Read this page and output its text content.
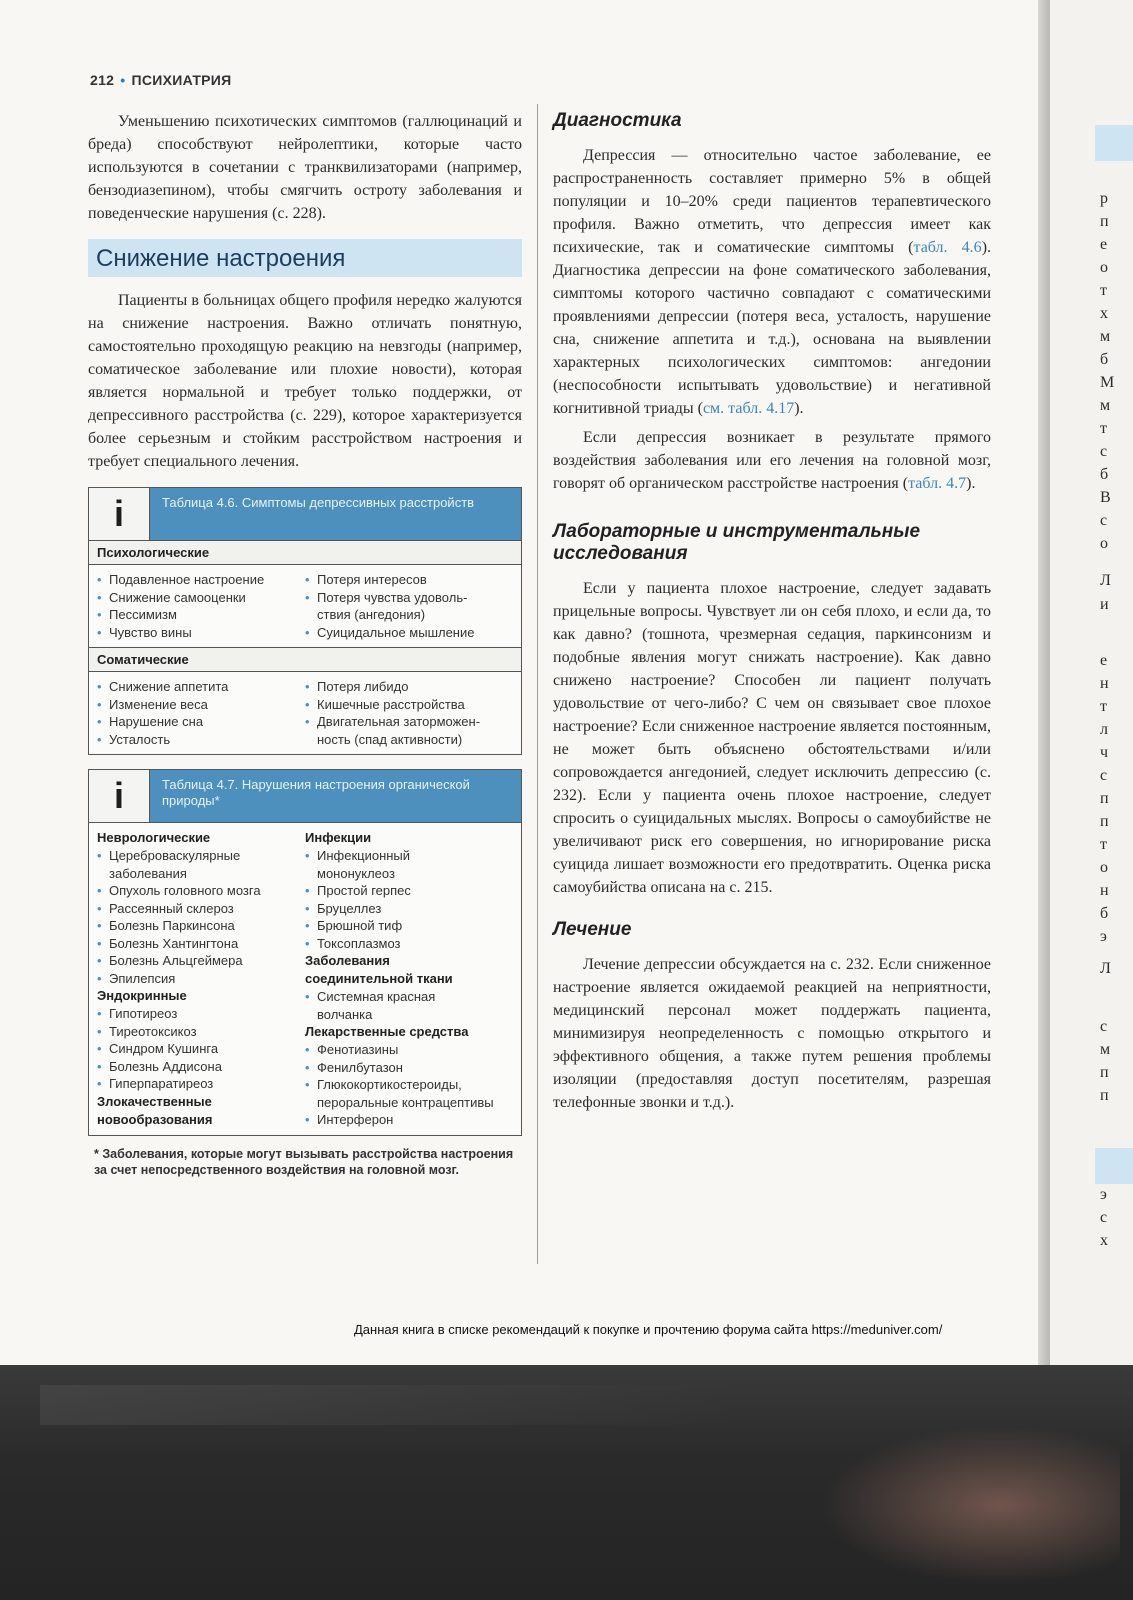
212 • ПСИХИАТРИЯ

Уменьшению психотических симптомов (галлюцинаций и бреда) способствуют нейролептики, которые часто используются в сочетании с транквилизаторами (например, бензодиазепином), чтобы смягчить остроту заболевания и поведенческие нарушения (с. 228).

Снижение настроения

Пациенты в больницах общего профиля нередко жалуются на снижение настроения. Важно отличать понятную, самостоятельно проходящую реакцию на невзгоды (например, соматическое заболевание или плохие новости), которая является нормальной и требует только поддержки, от депрессивного расстройства (с. 229), которое характеризуется более серьезным и стойким расстройством настроения и требует специального лечения.

i	Таблица 4.6. Симптомы депрессивных расстройств
Психологические
• Подавленное настроение
• Снижение самооценки
• Пессимизм
• Чувство вины
• Потеря интересов
• Потеря чувства удоволь-
ствия (ангедония)
• Суицидальное мышление
Соматические
• Снижение аппетита
• Изменение веса
• Нарушение сна
• Усталость
• Потеря либидо
• Кишечные расстройства
• Двигательная заторможен-
ность (спад активности)
i	Таблица 4.7. Нарушения настроения органической природы*
Неврологические
• Цереброваскулярные
заболевания
• Опухоль головного мозга
• Рассеянный склероз
• Болезнь Паркинсона
• Болезнь Хантингтона
• Болезнь Альцгеймера
• Эпилепсия
Эндокринные
• Гипотиреоз
• Тиреотоксикоз
• Синдром Кушинга
• Болезнь Аддисона
• Гиперпаратиреоз
Злокачественные
новообразования
Инфекции
• Инфекционный
мононуклеоз
• Простой герпес
• Бруцеллез
• Брюшной тиф
• Токсоплазмоз
Заболевания
соединительной ткани
• Системная красная
волчанка
Лекарственные средства
• Фенотиазины
• Фенилбутазон
• Глюкокортикостероиды,
пероральные контрацептивы
• Интерферон
* Заболевания, которые могут вызывать расстройства настроения за счет непосредственного воздействия на головной мозг.
Диагностика

Депрессия — относительно частое заболевание, ее распространенность составляет примерно 5% в общей популяции и 10–20% среди пациентов терапевтического профиля. Важно отметить, что депрессия имеет как психические, так и соматические симптомы (табл. 4.6). Диагностика депрессии на фоне соматического заболевания, симптомы которого частично совпадают с соматическими проявлениями депрессии (потеря веса, усталость, нарушение сна, снижение аппетита и т.д.), основана на выявлении характерных психологических симптомов: ангедонии (неспособности испытывать удовольствие) и негативной когнитивной триады (см. табл. 4.17).

Если депрессия возникает в результате прямого воздействия заболевания или его лечения на головной мозг, говорят об органическом расстройстве настроения (табл. 4.7).

Лабораторные и инструментальные исследования

Если у пациента плохое настроение, следует задавать прицельные вопросы. Чувствует ли он себя плохо, и если да, то как давно? (тошнота, чрезмерная седация, паркинсонизм и подобные явления могут снижать настроение). Как давно снижено настроение? Способен ли пациент получать удовольствие от чего-либо? С чем он связывает свое плохое настроение? Если сниженное настроение является постоянным, не может быть объяснено обстоятельствами и/или сопровождается ангедонией, следует исключить депрессию (с. 232). Если у пациента очень плохое настроение, следует спросить о суицидальных мыслях. Вопросы о самоубийстве не увеличивают риск его совершения, но игнорирование риска суицида лишает возможности его предотвратить. Оценка риска самоубийства описана на с. 215.

Лечение

Лечение депрессии обсуждается на с. 232. Если сниженное настроение является ожидаемой реакцией на неприятности, медицинский персонал может поддержать пациента, минимизируя неопределенность с помощью открытого и эффективного общения, а также путем решения проблемы изоляции (предоставляя доступ посетителям, разрешая телефонные звонки и т.д.).

Данная книга в списке рекомендаций к покупке и прочтению форума сайта https://meduniver.com/
р
п
е
о
т
х
м
б
М
м
т
с
б
В
с
о
Л
и
е
н
т
л
ч
с
п
п
т
о
н
б
э
Л
с
м
п
п
э
с
х
